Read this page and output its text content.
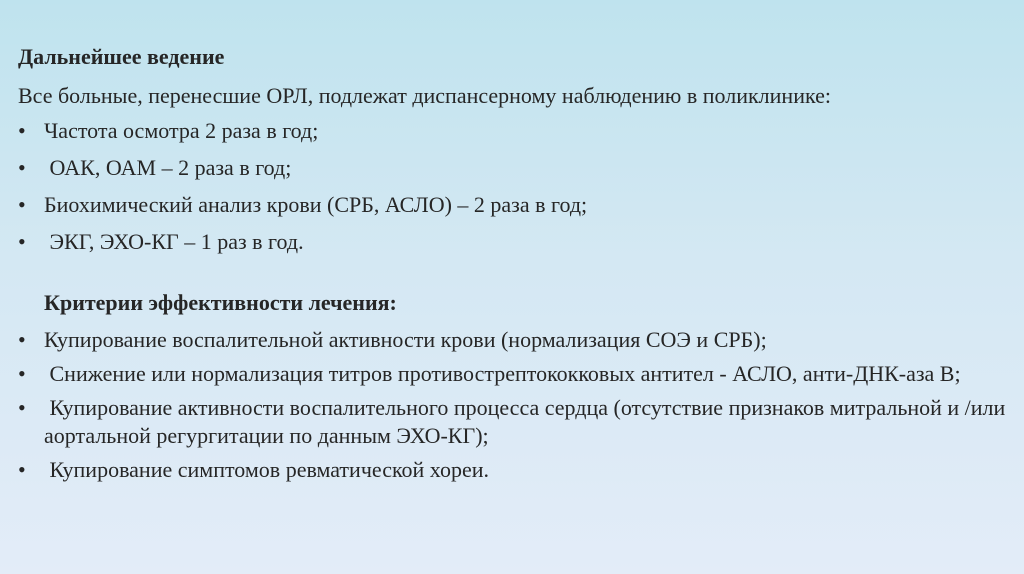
Дальнейшее ведение

Все больные, перенесшие ОРЛ, подлежат диспансерному наблюдению в поликлинике:

• Частота осмотра 2 раза в год;
• ОАК, ОАМ – 2 раза в год;
• Биохимический анализ крови (СРБ, АСЛО) – 2 раза в год;
• ЭКГ, ЭХО-КГ – 1 раз в год.

Критерии эффективности лечения:

• Купирование воспалительной активности крови (нормализация СОЭ и СРБ);
• Снижение или нормализация титров противострептококковых антител - АСЛО, анти-ДНК-аза В;
• Купирование активности воспалительного процесса сердца (отсутствие признаков митральной и /или аортальной регургитации по данным ЭХО-КГ);
• Купирование симптомов ревматической хореи.
